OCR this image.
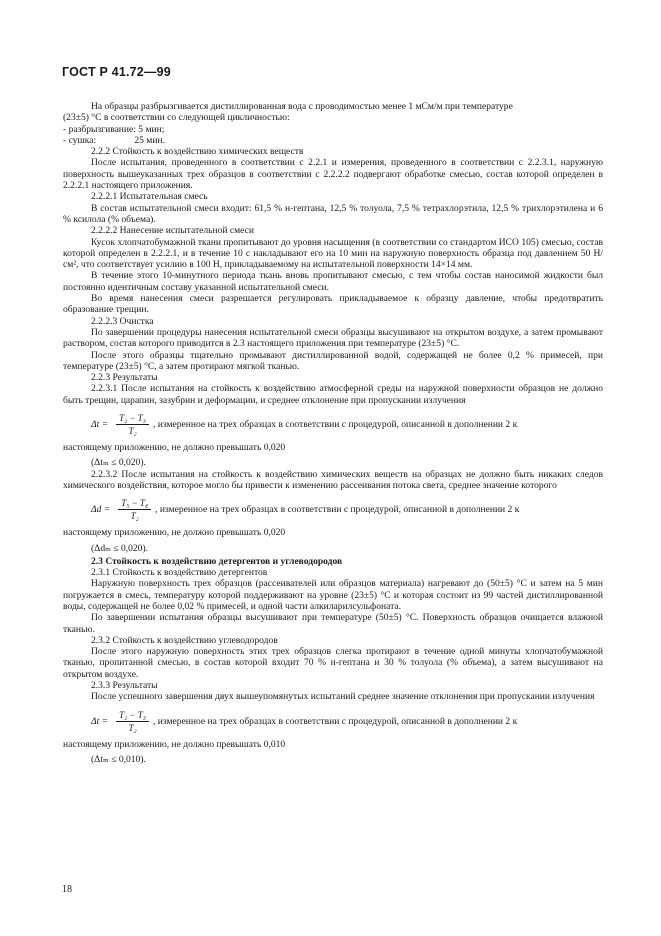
ГОСТ Р 41.72—99

На образцы разбрызгивается дистиллированная вода с проводимостью менее 1 мСм/м при температуре

(23±5) °С в соответствии со следующей цикличностью:

- разбрызгивание: 5 мин;

- сушка:                25 мин.

2.2.2 Стойкость к воздействию химических веществ

После испытания, проведенного в соответствии с 2.2.1 и измерения, проведенного в соответствии с 2.2.3.1, наружную поверхность вышеуказанных трех образцов в соответствии с 2.2.2.2 подвергают обработке смесью, состав которой определен в 2.2.2.1 настоящего приложения.

2.2.2.1 Испытательная смесь

В состав испытательной смеси входит: 61,5 % н-гептана, 12,5 % толуола, 7,5 % тетрахлорэтила, 12,5 % трихлорэтилена и 6 % ксилола (% объема).

2.2.2.2 Нанесение испытательной смеси

Кусок хлопчатобумажной ткани пропитывают до уровня насыщения (в соответствии со стандартом ИСО 105) смесью, состав которой определен в 2.2.2.1, и в течение 10 с накладывают его на 10 мин на наружную поверхность образца под давлением 50 Н/см², что соответствует усилию в 100 Н, прикладываемому на испытательной поверхности 14×14 мм.

В течение этого 10-минутного периода ткань вновь пропитывают смесью, с тем чтобы состав наносимой жидкости был постоянно идентичным составу указанной испытательной смеси.

Во время нанесения смеси разрешается регулировать прикладываемое к образцу давление, чтобы предотвратить образование трещин.

2.2.2.3 Очистка

По завершении процедуры нанесения испытательной смеси образцы высушивают на открытом воздухе, а затем промывают раствором, состав которого приводится в 2.3 настоящего приложения при температуре (23±5) °С.

После этого образцы тщательно промывают дистиллированной водой, содержащей не более 0,2 % примесей, при температуре (23±5) °С, а затем протирают мягкой тканью.

2.2.3 Результаты

2.2.3.1 После испытания на стойкость к воздействию атмосферной среды на наружной поверхности образцов не должно быть трещин, царапин, зазубрин и деформации, и среднее отклонение при пропускании излучения

$\Delta t = \frac{\text{T₂ − T₃}}{\text{T₂}}$ , измеренное на трех образцах в соответствии с процедурой, описанной в дополнении 2 к

настоящему приложению, не должно превышать 0,020

(Δtₘ ≤ 0,020).

2.2.3.2 После испытания на стойкость к воздействию химических веществ на образцах не должно быть никаких следов химического воздействия, которое могло бы привести к изменению рассеивания потока света, среднее значение которого

$\Delta d = \frac{\text{T₅ − T₄}}{\text{T₂}}$ , измеренное на трех образцах в соответствии с процедурой, описанной в дополнении 2 к

настоящему приложению, не должно превышать 0,020

(Δdₘ ≤ 0,020).

2.3 Стойкость к воздействию детергентов и углеводородов

2.3.1 Стойкость к воздействию детергентов

Наружную поверхность трех образцов (рассеивателей или образцов материала) нагревают до (50±5) °С и затем на 5 мин погружается в смесь, температуру которой поддерживают на уровне (23±5) °С и которая состоит из 99 частей дистиллированной воды, содержащей не более 0,02 % примесей, и одной части алкиларилсульфоната.

По завершении испытания образцы высушивают при температуре (50±5) °С. Поверхность образцов очищается влажной тканью.

2.3.2 Стойкость к воздействию углеводородов

После этого наружную поверхность этих трех образцов слегка протирают в течение одной минуты хлопчатобумажной тканью, пропитанной смесью, в состав которой входит 70 % н-гептана и 30 % толуола (% объема), а затем высушивают на открытом воздухе.

2.3.3 Результаты

После успешного завершения двух вышеупомянутых испытаний среднее значение отклонения при пропускании излучения

$\Delta t = \frac{\text{T₂ − T₃}}{\text{T₂}}$ , измеренное на трех образцах в соответствии с процедурой, описанной в дополнении 2 к

настоящему приложению, не должно превышать 0,010

(Δtₘ ≤ 0,010).

18
